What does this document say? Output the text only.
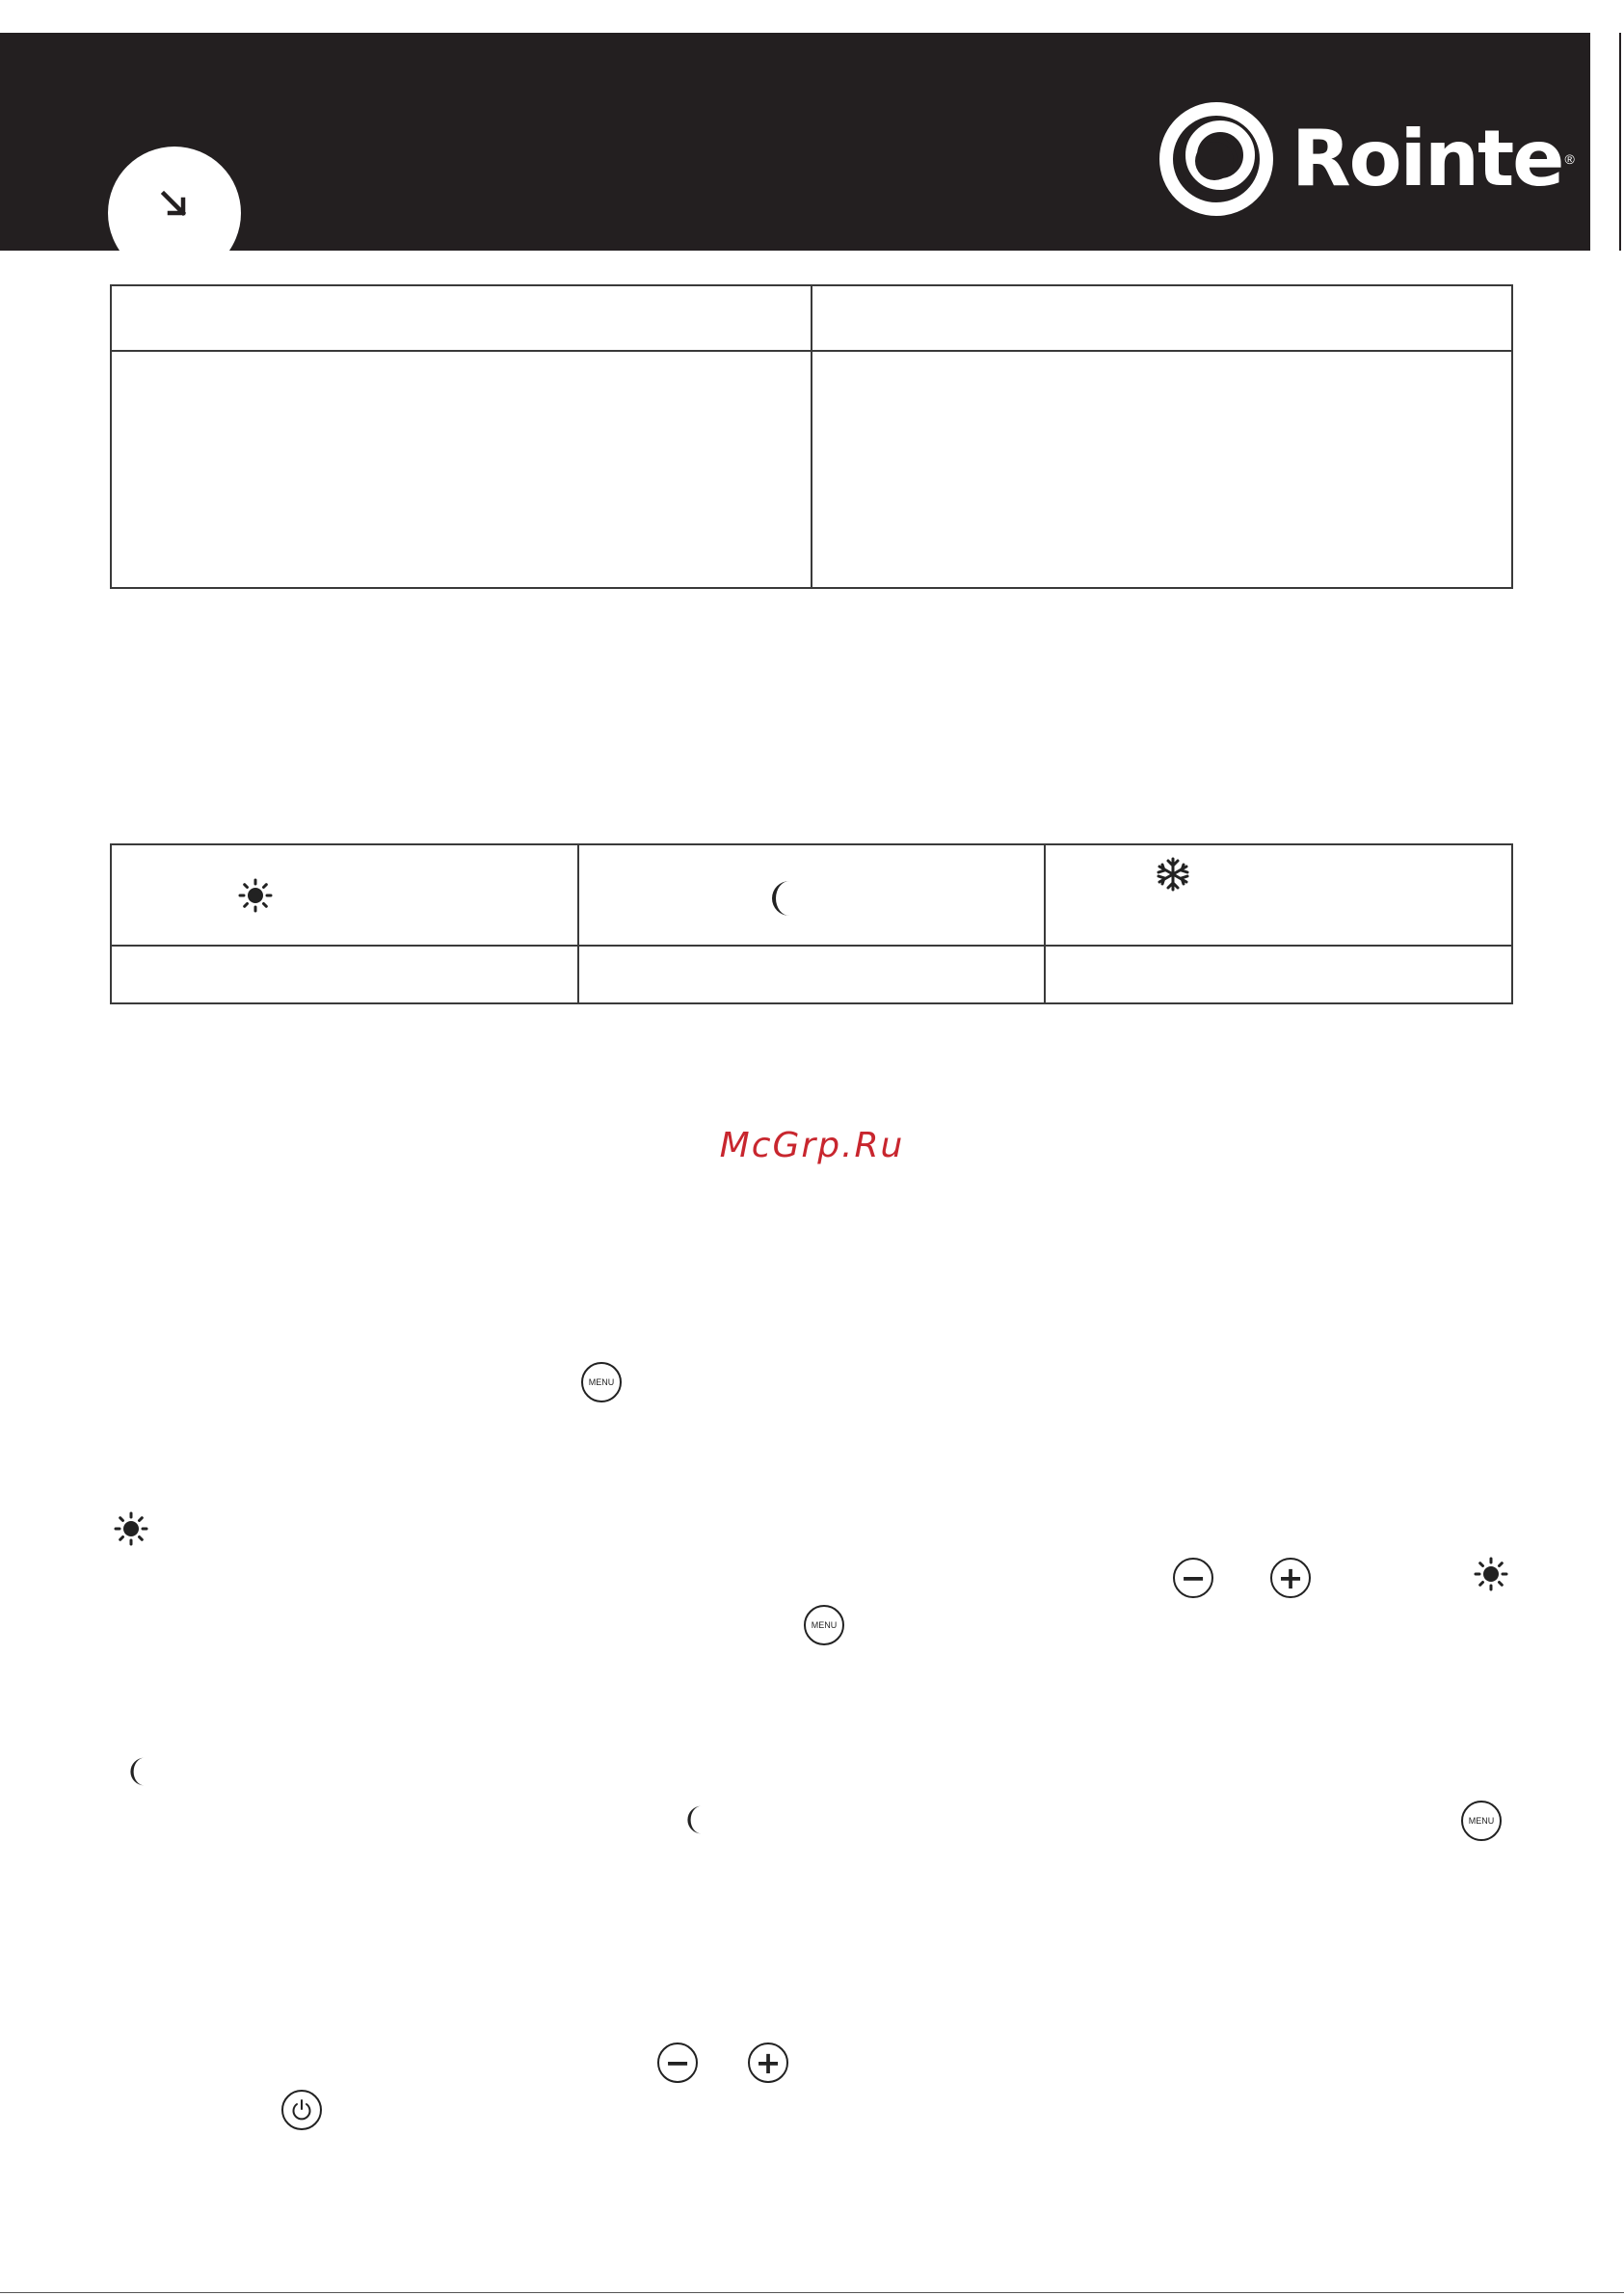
Rointe ®

McGrp.Ru
MENU
− +
MENU
MENU
− +
